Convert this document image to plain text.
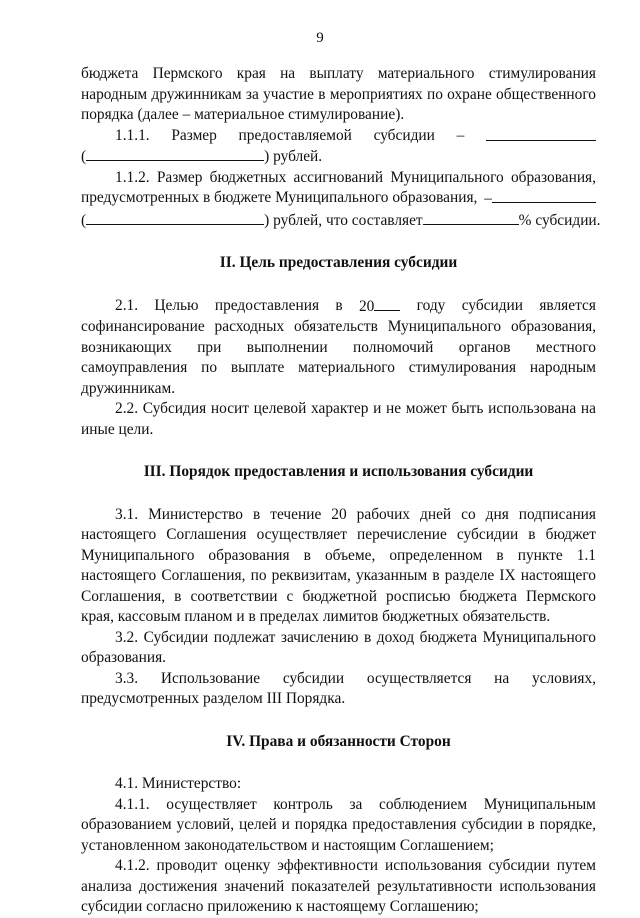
9

бюджета Пермского края на выплату материального стимулирования народным дружинникам за участие в мероприятиях по охране общественного порядка (далее – материальное стимулирование).

1.1.1. Размер предоставляемой субсидии –
(	) рублей.

1.1.2. Размер бюджетных ассигнований Муниципального образования,

предусмотренных в бюджете Муниципального образования, –
(	) рублей, что составляет	% субсидии.
II. Цель предоставления субсидии
2.1. Целью предоставления в 20	году субсидии является

софинансирование расходных обязательств Муниципального образования, возникающих при выполнении полномочий органов местного самоуправления по выплате материального стимулирования народным дружинникам.

2.2. Субсидия носит целевой характер и не может быть использована на иные цели.

III. Порядок предоставления и использования субсидии

3.1. Министерство в течение 20 рабочих дней со дня подписания настоящего Соглашения осуществляет перечисление субсидии в бюджет Муниципального образования в объеме, определенном в пункте 1.1 настоящего Соглашения, по реквизитам, указанным в разделе IX настоящего Соглашения, в соответствии с бюджетной росписью бюджета Пермского края, кассовым планом и в пределах лимитов бюджетных обязательств.

3.2. Субсидии подлежат зачислению в доход бюджета Муниципального образования.

3.3. Использование субсидии осуществляется на условиях,

предусмотренных разделом III Порядка.

IV. Права и обязанности Сторон

4.1. Министерство:

4.1.1. осуществляет контроль за соблюдением Муниципальным

образованием условий, целей и порядка предоставления субсидии в порядке, установленном законодательством и настоящим Соглашением;

4.1.2. проводит оценку эффективности использования субсидии путем анализа достижения значений показателей результативности использования субсидии согласно приложению к настоящему Соглашению;
